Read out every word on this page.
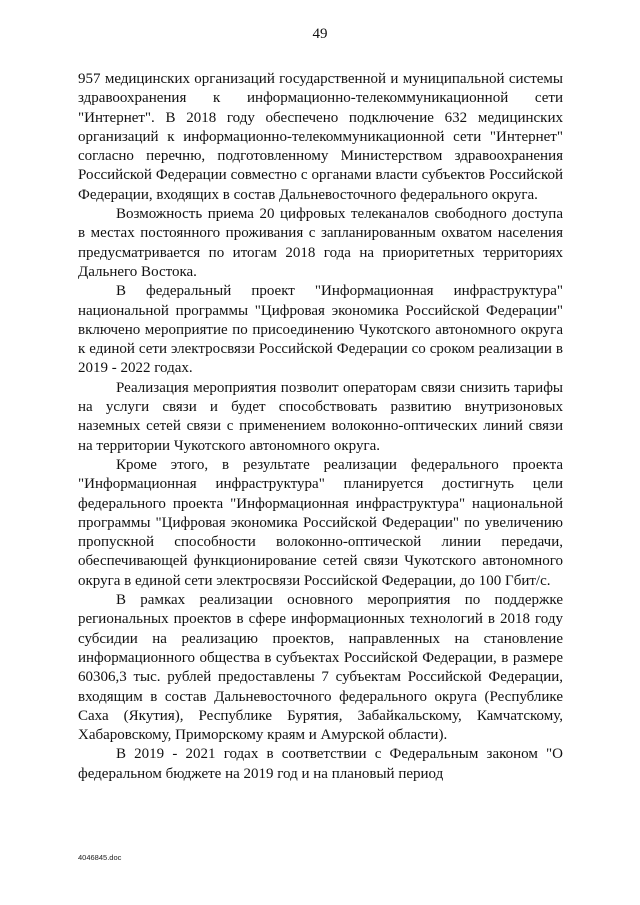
49

957 медицинских организаций государственной и муниципальной системы здравоохранения к информационно-телекоммуникационной сети "Интернет". В 2018 году обеспечено подключение 632 медицинских организаций к информационно-телекоммуникационной сети "Интернет" согласно перечню, подготовленному Министерством здравоохранения Российской Федерации совместно с органами власти субъектов Российской Федерации, входящих в состав Дальневосточного федерального округа.

Возможность приема 20 цифровых телеканалов свободного доступа в местах постоянного проживания с запланированным охватом населения предусматривается по итогам 2018 года на приоритетных территориях Дальнего Востока.

В федеральный проект "Информационная инфраструктура" национальной программы "Цифровая экономика Российской Федерации" включено мероприятие по присоединению Чукотского автономного округа к единой сети электросвязи Российской Федерации со сроком реализации в 2019 - 2022 годах.

Реализация мероприятия позволит операторам связи снизить тарифы на услуги связи и будет способствовать развитию внутризоновых наземных сетей связи с применением волоконно-оптических линий связи на территории Чукотского автономного округа.

Кроме этого, в результате реализации федерального проекта "Информационная инфраструктура" планируется достигнуть цели федерального проекта "Информационная инфраструктура" национальной программы "Цифровая экономика Российской Федерации" по увеличению пропускной способности волоконно-оптической линии передачи, обеспечивающей функционирование сетей связи Чукотского автономного округа в единой сети электросвязи Российской Федерации, до 100 Гбит/с.

В рамках реализации основного мероприятия по поддержке региональных проектов в сфере информационных технологий в 2018 году субсидии на реализацию проектов, направленных на становление информационного общества в субъектах Российской Федерации, в размере 60306,3 тыс. рублей предоставлены 7 субъектам Российской Федерации, входящим в состав Дальневосточного федерального округа (Республике Саха (Якутия), Республике Бурятия, Забайкальскому, Камчатскому, Хабаровскому, Приморскому краям и Амурской области).

В 2019 - 2021 годах в соответствии с Федеральным законом "О федеральном бюджете на 2019 год и на плановый период

4046845.doc
